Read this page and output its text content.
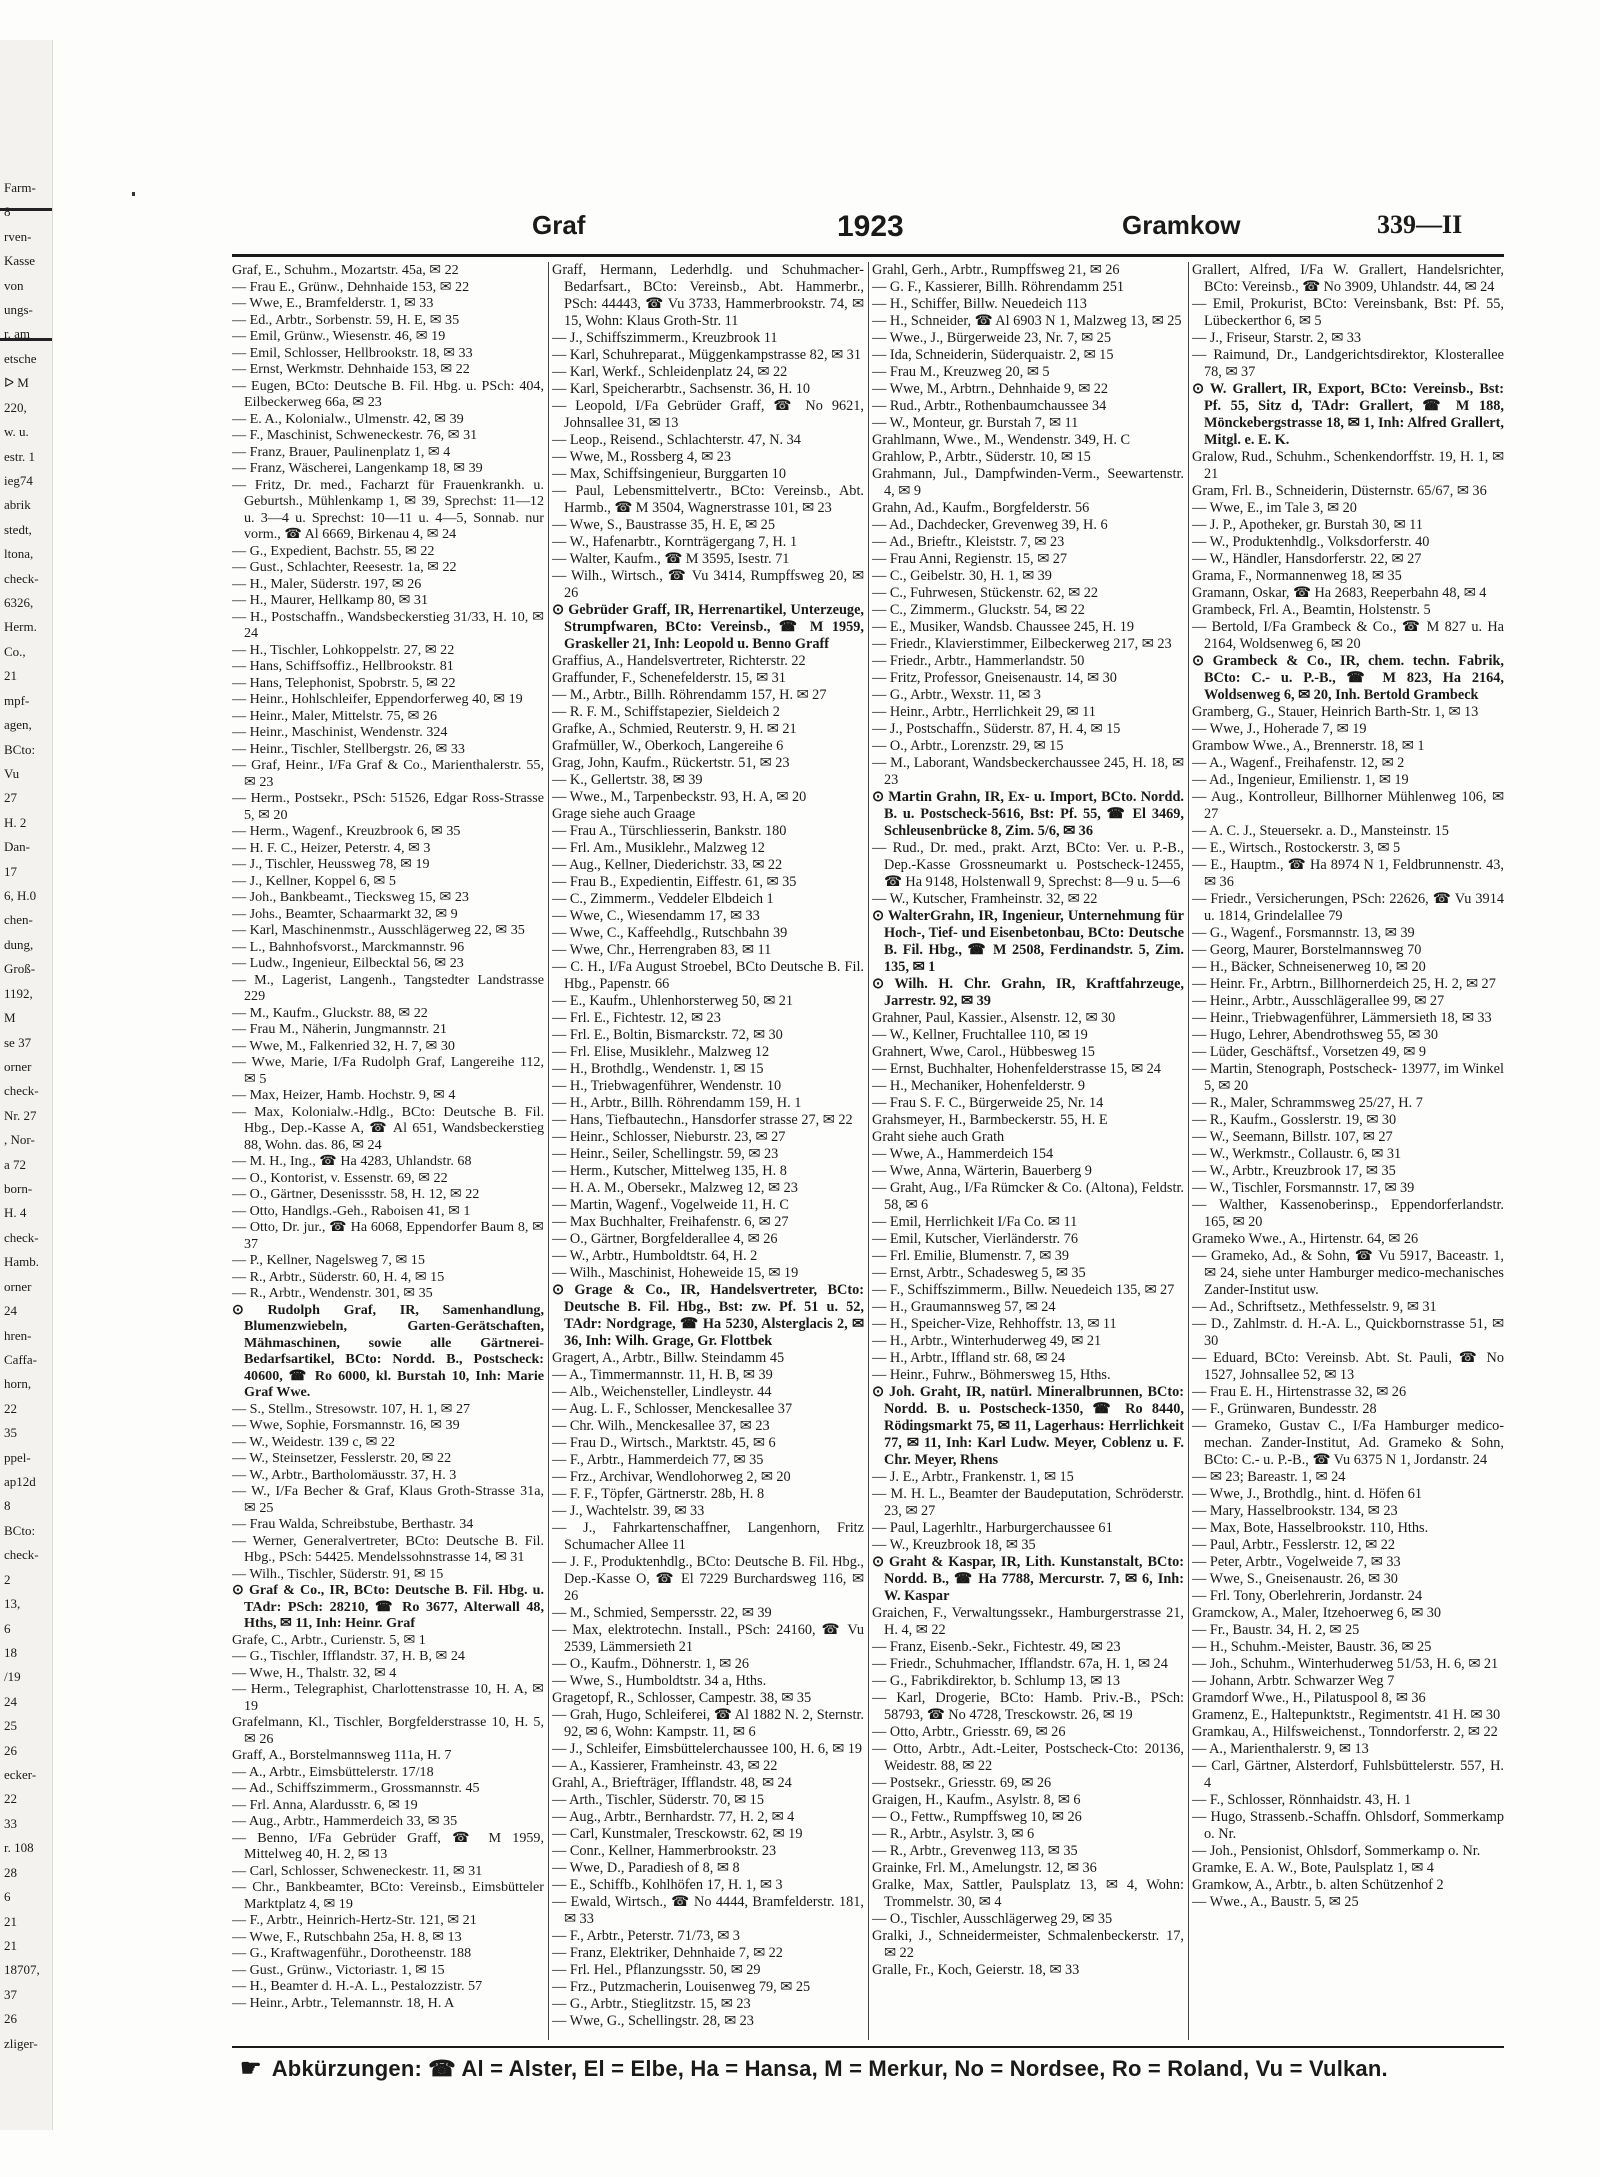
Farm-
8
rven-
Kasse
von
ungs-
r. am
etsche
ᐅ M
220,
w. u.
estr. 1
ieg74
abrik
stedt,
ltona,
check-
6326,
Herm.
Co.,
21
mpf-
agen,
BCto:
Vu
27
H. 2
Dan-
17
6, H.0
chen-
dung,
Groß-
1192,
M
se 37
orner
check-
Nr. 27
, Nor-
a 72
born-
H. 4
check-
Hamb.
orner
24
hren-
Caffa-
horn,
22
35
ppel-
ap12d
8
BCto:
check-
2
13,
6
18
/19
24
25
26
ecker-
22
33
r. 108
28
6
21
21
18707,
37
26
zliger-
Graf	1923	Gramkow	339—II

Graf, E., Schuhm., Mozartstr. 45a, ✉ 22

— Frau E., Grünw., Dehnhaide 153, ✉ 22

— Wwe, E., Bramfelderstr. 1, ✉ 33

— Ed., Arbtr., Sorbenstr. 59, H. E, ✉ 35

— Emil, Grünw., Wiesenstr. 46, ✉ 19

— Emil, Schlosser, Hellbrookstr. 18, ✉ 33

— Ernst, Werkmstr. Dehnhaide 153, ✉ 22

— Eugen, BCto: Deutsche B. Fil. Hbg. u. PSch: 404, Eilbeckerweg 66a, ✉ 23

— E. A., Kolonialw., Ulmenstr. 42, ✉ 39

— F., Maschinist, Schweneckestr. 76, ✉ 31

— Franz, Brauer, Paulinenplatz 1, ✉ 4

— Franz, Wäscherei, Langenkamp 18, ✉ 39

— Fritz, Dr. med., Facharzt für Frauenkrankh. u. Geburtsh., Mühlenkamp 1, ✉ 39, Sprechst: 11—12 u. 3—4 u. Sprechst: 10—11 u. 4—5, Sonnab. nur vorm., ☎ Al 6669, Birkenau 4, ✉ 24

— G., Expedient, Bachstr. 55, ✉ 22

— Gust., Schlachter, Reesestr. 1a, ✉ 22

— H., Maler, Süderstr. 197, ✉ 26

— H., Maurer, Hellkamp 80, ✉ 31

— H., Postschaffn., Wandsbeckerstieg 31/33, H. 10, ✉ 24

— H., Tischler, Lohkoppelstr. 27, ✉ 22

— Hans, Schiffsoffiz., Hellbrookstr. 81

— Hans, Telephonist, Spobrstr. 5, ✉ 22

— Heinr., Hohlschleifer, Eppendorferweg 40, ✉ 19

— Heinr., Maler, Mittelstr. 75, ✉ 26

— Heinr., Maschinist, Wendenstr. 324

— Heinr., Tischler, Stellbergstr. 26, ✉ 33

— Graf, Heinr., I/Fa Graf & Co., Marienthalerstr. 55, ✉ 23

— Herm., Postsekr., PSch: 51526, Edgar Ross-Strasse 5, ✉ 20

— Herm., Wagenf., Kreuzbrook 6, ✉ 35

— H. F. C., Heizer, Peterstr. 4, ✉ 3

— J., Tischler, Heussweg 78, ✉ 19

— J., Kellner, Koppel 6, ✉ 5

— Joh., Bankbeamt., Tiecksweg 15, ✉ 23

— Johs., Beamter, Schaarmarkt 32, ✉ 9

— Karl, Maschinenmstr., Ausschlägerweg 22, ✉ 35

— L., Bahnhofsvorst., Marckmannstr. 96

— Ludw., Ingenieur, Eilbecktal 56, ✉ 23

— M., Lagerist, Langenh., Tangstedter Landstrasse 229

— M., Kaufm., Gluckstr. 88, ✉ 22

— Frau M., Näherin, Jungmannstr. 21

— Wwe, M., Falkenried 32, H. 7, ✉ 30

— Wwe, Marie, I/Fa Rudolph Graf, Langereihe 112, ✉ 5

— Max, Heizer, Hamb. Hochstr. 9, ✉ 4

— Max, Kolonialw.-Hdlg., BCto: Deutsche B. Fil. Hbg., Dep.-Kasse A, ☎ Al 651, Wandsbeckerstieg 88, Wohn. das. 86, ✉ 24

— M. H., Ing., ☎ Ha 4283, Uhlandstr. 68

— O., Kontorist, v. Essenstr. 69, ✉ 22

— O., Gärtner, Desenissstr. 58, H. 12, ✉ 22

— Otto, Handlgs.-Geh., Raboisen 41, ✉ 1

— Otto, Dr. jur., ☎ Ha 6068, Eppendorfer Baum 8, ✉ 37

— P., Kellner, Nagelsweg 7, ✉ 15

— R., Arbtr., Süderstr. 60, H. 4, ✉ 15

— R., Arbtr., Wendenstr. 301, ✉ 35

⊙ Rudolph Graf, IR, Samenhandlung, Blumenzwiebeln, Garten-Gerätschaften, Mähmaschinen, sowie alle Gärtnerei-Bedarfsartikel, BCto: Nordd. B., Postscheck: 40600, ☎ Ro 6000, kl. Burstah 10, Inh: Marie Graf Wwe.

— S., Stellm., Stresowstr. 107, H. 1, ✉ 27

— Wwe, Sophie, Forsmannstr. 16, ✉ 39

— W., Weidestr. 139 c, ✉ 22

— W., Steinsetzer, Fesslerstr. 20, ✉ 22

— W., Arbtr., Bartholomäusstr. 37, H. 3

— W., I/Fa Becher & Graf, Klaus Groth-Strasse 31a, ✉ 25

— Frau Walda, Schreibstube, Berthastr. 34

— Werner, Generalvertreter, BCto: Deutsche B. Fil. Hbg., PSch: 54425. Mendelssohnstrasse 14, ✉ 31

— Wilh., Tischler, Süderstr. 91, ✉ 15

⊙ Graf & Co., IR, BCto: Deutsche B. Fil. Hbg. u. TAdr: PSch: 28210, ☎ Ro 3677, Alterwall 48, Hths, ✉ 11, Inh: Heinr. Graf

Grafe, C., Arbtr., Curienstr. 5, ✉ 1

— G., Tischler, Ifflandstr. 37, H. B, ✉ 24

— Wwe, H., Thalstr. 32, ✉ 4

— Herm., Telegraphist, Charlottenstrasse 10, H. A, ✉ 19

Grafelmann, Kl., Tischler, Borgfelderstrasse 10, H. 5, ✉ 26

Graff, A., Borstelmannsweg 111a, H. 7

— A., Arbtr., Eimsbüttelerstr. 17/18

— Ad., Schiffszimmerm., Grossmannstr. 45

— Frl. Anna, Alardusstr. 6, ✉ 19

— Aug., Arbtr., Hammerdeich 33, ✉ 35

— Benno, I/Fa Gebrüder Graff, ☎ M 1959, Mittelweg 40, H. 2, ✉ 13

— Carl, Schlosser, Schweneckestr. 11, ✉ 31

— Chr., Bankbeamter, BCto: Vereinsb., Eimsbütteler Marktplatz 4, ✉ 19

— F., Arbtr., Heinrich-Hertz-Str. 121, ✉ 21

— Wwe, F., Rutschbahn 25a, H. 8, ✉ 13

— G., Kraftwagenführ., Dorotheenstr. 188

— Gust., Grünw., Victoriastr. 1, ✉ 15

— H., Beamter d. H.-A. L., Pestalozzistr. 57

— Heinr., Arbtr., Telemannstr. 18, H. A

Graff, Hermann, Lederhdlg. und Schuhmacher-Bedarfsart., BCto: Vereinsb., Abt. Hammerbr., PSch: 44443, ☎ Vu 3733, Hammerbrookstr. 74, ✉ 15, Wohn: Klaus Groth-Str. 11

— J., Schiffszimmerm., Kreuzbrook 11

— Karl, Schuhreparat., Müggenkampstrasse 82, ✉ 31

— Karl, Werkf., Schleidenplatz 24, ✉ 22

— Karl, Speicherarbtr., Sachsenstr. 36, H. 10

— Leopold, I/Fa Gebrüder Graff, ☎ No 9621, Johnsallee 31, ✉ 13

— Leop., Reisend., Schlachterstr. 47, N. 34

— Wwe, M., Rossberg 4, ✉ 23

— Max, Schiffsingenieur, Burggarten 10

— Paul, Lebensmittelvertr., BCto: Vereinsb., Abt. Harmb., ☎ M 3504, Wagnerstrasse 101, ✉ 23

— Wwe, S., Baustrasse 35, H. E, ✉ 25

— W., Hafenarbtr., Kornträgergang 7, H. 1

— Walter, Kaufm., ☎ M 3595, Isestr. 71

— Wilh., Wirtsch., ☎ Vu 3414, Rumpffsweg 20, ✉ 26

⊙ Gebrüder Graff, IR, Herrenartikel, Unterzeuge, Strumpfwaren, BCto: Vereinsb., ☎ M 1959, Graskeller 21, Inh: Leopold u. Benno Graff

Graffius, A., Handelsvertreter, Richterstr. 22

Graffunder, F., Schenefelderstr. 15, ✉ 31

— M., Arbtr., Billh. Röhrendamm 157, H. ✉ 27

— R. F. M., Schiffstapezier, Sieldeich 2

Grafke, A., Schmied, Reuterstr. 9, H. ✉ 21

Grafmüller, W., Oberkoch, Langereihe 6

Grag, John, Kaufm., Rückertstr. 51, ✉ 23

— K., Gellertstr. 38, ✉ 39

— Wwe., M., Tarpenbeckstr. 93, H. A, ✉ 20

Grage siehe auch Graage

— Frau A., Türschliesserin, Bankstr. 180

— Frl. Am., Musiklehr., Malzweg 12

— Aug., Kellner, Diederichstr. 33, ✉ 22

— Frau B., Expedientin, Eiffestr. 61, ✉ 35

— C., Zimmerm., Veddeler Elbdeich 1

— Wwe, C., Wiesendamm 17, ✉ 33

— Wwe, C., Kaffeehdlg., Rutschbahn 39

— Wwe, Chr., Herrengraben 83, ✉ 11

— C. H., I/Fa August Stroebel, BCto Deutsche B. Fil. Hbg., Papenstr. 66

— E., Kaufm., Uhlenhorsterweg 50, ✉ 21

— Frl. E., Fichtestr. 12, ✉ 23

— Frl. E., Boltin, Bismarckstr. 72, ✉ 30

— Frl. Elise, Musiklehr., Malzweg 12

— H., Brothdlg., Wendenstr. 1, ✉ 15

— H., Triebwagenführer, Wendenstr. 10

— H., Arbtr., Billh. Röhrendamm 159, H. 1

— Hans, Tiefbautechn., Hansdorfer strasse 27, ✉ 22

— Heinr., Schlosser, Nieburstr. 23, ✉ 27

— Heinr., Seiler, Schellingstr. 59, ✉ 23

— Herm., Kutscher, Mittelweg 135, H. 8

— H. A. M., Obersekr., Malzweg 12, ✉ 23

— Martin, Wagenf., Vogelweide 11, H. C

— Max Buchhalter, Freihafenstr. 6, ✉ 27

— O., Gärtner, Borgfelderallee 4, ✉ 26

— W., Arbtr., Humboldtstr. 64, H. 2

— Wilh., Maschinist, Hoheweide 15, ✉ 19

⊙ Grage & Co., IR, Handelsvertreter, BCto: Deutsche B. Fil. Hbg., Bst: zw. Pf. 51 u. 52, TAdr: Nordgrage, ☎ Ha 5230, Alsterglacis 2, ✉ 36, Inh: Wilh. Grage, Gr. Flottbek

Gragert, A., Arbtr., Billw. Steindamm 45

— A., Timmermannstr. 11, H. B, ✉ 39

— Alb., Weichensteller, Lindleystr. 44

— Aug. L. F., Schlosser, Menckesallee 37

— Chr. Wilh., Menckesallee 37, ✉ 23

— Frau D., Wirtsch., Marktstr. 45, ✉ 6

— F., Arbtr., Hammerdeich 77, ✉ 35

— Frz., Archivar, Wendlohorweg 2, ✉ 20

— F. F., Töpfer, Gärtnerstr. 28b, H. 8

— J., Wachtelstr. 39, ✉ 33

— J., Fahrkartenschaffner, Langenhorn, Fritz Schumacher Allee 11

— J. F., Produktenhdlg., BCto: Deutsche B. Fil. Hbg., Dep.-Kasse O, ☎ El 7229 Burchardsweg 116, ✉ 26

— M., Schmied, Sempersstr. 22, ✉ 39

— Max, elektrotechn. Install., PSch: 24160, ☎ Vu 2539, Lämmersieth 21

— O., Kaufm., Döhnerstr. 1, ✉ 26

— Wwe, S., Humboldtstr. 34 a, Hths.

Gragetopf, R., Schlosser, Campestr. 38, ✉ 35

— Grah, Hugo, Schleiferei, ☎ Al 1882 N. 2, Sternstr. 92, ✉ 6, Wohn: Kampstr. 11, ✉ 6

— J., Schleifer, Eimsbüttelerchaussee 100, H. 6, ✉ 19

— A., Kassierer, Framheinstr. 43, ✉ 22

Grahl, A., Briefträger, Ifflandstr. 48, ✉ 24

— Arth., Tischler, Süderstr. 70, ✉ 15

— Aug., Arbtr., Bernhardstr. 77, H. 2, ✉ 4

— Carl, Kunstmaler, Tresckowstr. 62, ✉ 19

— Conr., Kellner, Hammerbrookstr. 23

— Wwe, D., Paradiesh of 8, ✉ 8

— E., Schiffb., Kohlhöfen 17, H. 1, ✉ 3

— Ewald, Wirtsch., ☎ No 4444, Bramfelderstr. 181, ✉ 33

— F., Arbtr., Peterstr. 71/73, ✉ 3

— Franz, Elektriker, Dehnhaide 7, ✉ 22

— Frl. Hel., Pflanzungsstr. 50, ✉ 29

— Frz., Putzmacherin, Louisenweg 79, ✉ 25

— G., Arbtr., Stieglitzstr. 15, ✉ 23

— Wwe, G., Schellingstr. 28, ✉ 23

Grahl, Gerh., Arbtr., Rumpffsweg 21, ✉ 26

— G. F., Kassierer, Billh. Röhrendamm 251

— H., Schiffer, Billw. Neuedeich 113

— H., Schneider, ☎ Al 6903 N 1, Malzweg 13, ✉ 25

— Wwe., J., Bürgerweide 23, Nr. 7, ✉ 25

— Ida, Schneiderin, Süderquaistr. 2, ✉ 15

— Frau M., Kreuzweg 20, ✉ 5

— Wwe, M., Arbtrn., Dehnhaide 9, ✉ 22

— Rud., Arbtr., Rothenbaumchaussee 34

— W., Monteur, gr. Burstah 7, ✉ 11

Grahlmann, Wwe., M., Wendenstr. 349, H. C

Grahlow, P., Arbtr., Süderstr. 10, ✉ 15

Grahmann, Jul., Dampfwinden-Verm., Seewartenstr. 4, ✉ 9

Grahn, Ad., Kaufm., Borgfelderstr. 56

— Ad., Dachdecker, Grevenweg 39, H. 6

— Ad., Brieftr., Kleiststr. 7, ✉ 23

— Frau Anni, Regienstr. 15, ✉ 27

— C., Geibelstr. 30, H. 1, ✉ 39

— C., Fuhrwesen, Stückenstr. 62, ✉ 22

— C., Zimmerm., Gluckstr. 54, ✉ 22

— E., Musiker, Wandsb. Chaussee 245, H. 19

— Friedr., Klavierstimmer, Eilbeckerweg 217, ✉ 23

— Friedr., Arbtr., Hammerlandstr. 50

— Fritz, Professor, Gneisenaustr. 14, ✉ 30

— G., Arbtr., Wexstr. 11, ✉ 3

— Heinr., Arbtr., Herrlichkeit 29, ✉ 11

— J., Postschaffn., Süderstr. 87, H. 4, ✉ 15

— O., Arbtr., Lorenzstr. 29, ✉ 15

— M., Laborant, Wandsbeckerchaussee 245, H. 18, ✉ 23

⊙ Martin Grahn, IR, Ex- u. Import, BCto. Nordd. B. u. Postscheck-5616, Bst: Pf. 55, ☎ El 3469, Schleusenbrücke 8, Zim. 5/6, ✉ 36

— Rud., Dr. med., prakt. Arzt, BCto: Ver. u. P.-B., Dep.-Kasse Grossneumarkt u. Postscheck-12455, ☎ Ha 9148, Holstenwall 9, Sprechst: 8—9 u. 5—6

— W., Kutscher, Framheinstr. 32, ✉ 22

⊙ WalterGrahn, IR, Ingenieur, Unternehmung für Hoch-, Tief- und Eisenbetonbau, BCto: Deutsche B. Fil. Hbg., ☎ M 2508, Ferdinandstr. 5, Zim. 135, ✉ 1

⊙ Wilh. H. Chr. Grahn, IR, Kraftfahrzeuge, Jarrestr. 92, ✉ 39

Grahner, Paul, Kassier., Alsenstr. 12, ✉ 30

— W., Kellner, Fruchtallee 110, ✉ 19

Grahnert, Wwe, Carol., Hübbesweg 15

— Ernst, Buchhalter, Hohenfelderstrasse 15, ✉ 24

— H., Mechaniker, Hohenfelderstr. 9

— Frau S. F. C., Bürgerweide 25, Nr. 14

Grahsmeyer, H., Barmbeckerstr. 55, H. E

Graht siehe auch Grath

— Wwe, A., Hammerdeich 154

— Wwe, Anna, Wärterin, Bauerberg 9

— Graht, Aug., I/Fa Rümcker & Co. (Altona), Feldstr. 58, ✉ 6

— Emil, Herrlichkeit I/Fa Co. ✉ 11

— Emil, Kutscher, Vierländerstr. 76

— Frl. Emilie, Blumenstr. 7, ✉ 39

— Ernst, Arbtr., Schadesweg 5, ✉ 35

— F., Schiffszimmerm., Billw. Neuedeich 135, ✉ 27

— H., Graumannsweg 57, ✉ 24

— H., Speicher-Vize, Rehhoffstr. 13, ✉ 11

— H., Arbtr., Winterhuderweg 49, ✉ 21

— H., Arbtr., Iffland str. 68, ✉ 24

— Heinr., Fuhrw., Böhmersweg 15, Hths.

⊙ Joh. Graht, IR, natürl. Mineralbrunnen, BCto: Nordd. B. u. Postscheck-1350, ☎ Ro 8440, Rödingsmarkt 75, ✉ 11, Lagerhaus: Herrlichkeit 77, ✉ 11, Inh: Karl Ludw. Meyer, Coblenz u. F. Chr. Meyer, Rhens

— J. E., Arbtr., Frankenstr. 1, ✉ 15

— M. H. L., Beamter der Baudeputation, Schröderstr. 23, ✉ 27

— Paul, Lagerhltr., Harburgerchaussee 61

— W., Kreuzbrook 18, ✉ 35

⊙ Graht & Kaspar, IR, Lith. Kunstanstalt, BCto: Nordd. B., ☎ Ha 7788, Mercurstr. 7, ✉ 6, Inh: W. Kaspar

Graichen, F., Verwaltungssekr., Hamburgerstrasse 21, H. 4, ✉ 22

— Franz, Eisenb.-Sekr., Fichtestr. 49, ✉ 23

— Friedr., Schuhmacher, Ifflandstr. 67a, H. 1, ✉ 24

— G., Fabrikdirektor, b. Schlump 13, ✉ 13

— Karl, Drogerie, BCto: Hamb. Priv.-B., PSch: 58793, ☎ No 4728, Tresckowstr. 26, ✉ 19

— Otto, Arbtr., Griesstr. 69, ✉ 26

— Otto, Arbtr., Adt.-Leiter, Postscheck-Cto: 20136, Weidestr. 88, ✉ 22

— Postsekr., Griesstr. 69, ✉ 26

Graigen, H., Kaufm., Asylstr. 8, ✉ 6

— O., Fettw., Rumpffsweg 10, ✉ 26

— R., Arbtr., Asylstr. 3, ✉ 6

— R., Arbtr., Grevenweg 113, ✉ 35

Grainke, Frl. M., Amelungstr. 12, ✉ 36

Gralke, Max, Sattler, Paulsplatz 13, ✉ 4, Wohn: Trommelstr. 30, ✉ 4

— O., Tischler, Ausschlägerweg 29, ✉ 35

Gralki, J., Schneidermeister, Schmalenbeckerstr. 17, ✉ 22

Gralle, Fr., Koch, Geierstr. 18, ✉ 33

Grallert, Alfred, I/Fa W. Grallert, Handelsrichter, BCto: Vereinsb., ☎ No 3909, Uhlandstr. 44, ✉ 24

— Emil, Prokurist, BCto: Vereinsbank, Bst: Pf. 55, Lübeckerthor 6, ✉ 5

— J., Friseur, Starstr. 2, ✉ 33

— Raimund, Dr., Landgerichtsdirektor, Klosterallee 78, ✉ 37

⊙ W. Grallert, IR, Export, BCto: Vereinsb., Bst: Pf. 55, Sitz d, TAdr: Grallert, ☎ M 188, Mönckebergstrasse 18, ✉ 1, Inh: Alfred Grallert, Mitgl. e. E. K.

Gralow, Rud., Schuhm., Schenkendorffstr. 19, H. 1, ✉ 21

Gram, Frl. B., Schneiderin, Düsternstr. 65/67, ✉ 36

— Wwe, E., im Tale 3, ✉ 20

— J. P., Apotheker, gr. Burstah 30, ✉ 11

— W., Produktenhdlg., Volksdorferstr. 40

— W., Händler, Hansdorferstr. 22, ✉ 27

Grama, F., Normannenweg 18, ✉ 35

Gramann, Oskar, ☎ Ha 2683, Reeperbahn 48, ✉ 4

Grambeck, Frl. A., Beamtin, Holstenstr. 5

— Bertold, I/Fa Grambeck & Co., ☎ M 827 u. Ha 2164, Woldsenweg 6, ✉ 20

⊙ Grambeck & Co., IR, chem. techn. Fabrik, BCto: C.- u. P.-B., ☎ M 823, Ha 2164, Woldsenweg 6, ✉ 20, Inh. Bertold Grambeck

Gramberg, G., Stauer, Heinrich Barth-Str. 1, ✉ 13

— Wwe, J., Hoherade 7, ✉ 19

Grambow Wwe., A., Brennerstr. 18, ✉ 1

— A., Wagenf., Freihafenstr. 12, ✉ 2

— Ad., Ingenieur, Emilienstr. 1, ✉ 19

— Aug., Kontrolleur, Billhorner Mühlenweg 106, ✉ 27

— A. C. J., Steuersekr. a. D., Mansteinstr. 15

— E., Wirtsch., Rostockerstr. 3, ✉ 5

— E., Hauptm., ☎ Ha 8974 N 1, Feldbrunnenstr. 43, ✉ 36

— Friedr., Versicherungen, PSch: 22626, ☎ Vu 3914 u. 1814, Grindelallee 79

— G., Wagenf., Forsmannstr. 13, ✉ 39

— Georg, Maurer, Borstelmannsweg 70

— H., Bäcker, Schneisenerweg 10, ✉ 20

— Heinr. Fr., Arbtrn., Billhornerdeich 25, H. 2, ✉ 27

— Heinr., Arbtr., Ausschlägerallee 99, ✉ 27

— Heinr., Triebwagenführer, Lämmersieth 18, ✉ 33

— Hugo, Lehrer, Abendrothsweg 55, ✉ 30

— Lüder, Geschäftsf., Vorsetzen 49, ✉ 9

— Martin, Stenograph, Postscheck- 13977, im Winkel 5, ✉ 20

— R., Maler, Schrammsweg 25/27, H. 7

— R., Kaufm., Gosslerstr. 19, ✉ 30

— W., Seemann, Billstr. 107, ✉ 27

— W., Werkmstr., Collaustr. 6, ✉ 31

— W., Arbtr., Kreuzbrook 17, ✉ 35

— W., Tischler, Forsmannstr. 17, ✉ 39

— Walther, Kassenoberinsp., Eppendorferlandstr. 165, ✉ 20

Grameko Wwe., A., Hirtenstr. 64, ✉ 26

— Grameko, Ad., & Sohn, ☎ Vu 5917, Baceastr. 1, ✉ 24, siehe unter Hamburger medico-mechanisches Zander-Institut usw.

— Ad., Schriftsetz., Methfesselstr. 9, ✉ 31

— D., Zahlmstr. d. H.-A. L., Quickbornstrasse 51, ✉ 30

— Eduard, BCto: Vereinsb. Abt. St. Pauli, ☎ No 1527, Johnsallee 52, ✉ 13

— Frau E. H., Hirtenstrasse 32, ✉ 26

— F., Grünwaren, Bundesstr. 28

— Grameko, Gustav C., I/Fa Hamburger medico-mechan. Zander-Institut, Ad. Grameko & Sohn, BCto: C.- u. P.-B., ☎ Vu 6375 N 1, Jordanstr. 24

— ✉ 23; Bareastr. 1, ✉ 24

— Wwe, J., Brothdlg., hint. d. Höfen 61

— Mary, Hasselbrookstr. 134, ✉ 23

— Max, Bote, Hasselbrookstr. 110, Hths.

— Paul, Arbtr., Fesslerstr. 12, ✉ 22

— Peter, Arbtr., Vogelweide 7, ✉ 33

— Wwe, S., Gneisenaustr. 26, ✉ 30

— Frl. Tony, Oberlehrerin, Jordanstr. 24

Gramckow, A., Maler, Itzehoerweg 6, ✉ 30

— Fr., Baustr. 34, H. 2, ✉ 25

— H., Schuhm.-Meister, Baustr. 36, ✉ 25

— Joh., Schuhm., Winterhuderweg 51/53, H. 6, ✉ 21

— Johann, Arbtr. Schwarzer Weg 7

Gramdorf Wwe., H., Pilatuspool 8, ✉ 36

Gramenz, E., Haltepunktstr., Regimentstr. 41 H. ✉ 30

Gramkau, A., Hilfsweichenst., Tonndorferstr. 2, ✉ 22

— A., Marienthalerstr. 9, ✉ 13

— Carl, Gärtner, Alsterdorf, Fuhlsbüttelerstr. 557, H. 4

— F., Schlosser, Rönnhaidstr. 43, H. 1

— Hugo, Strassenb.-Schaffn. Ohlsdorf, Sommerkamp o. Nr.

— Joh., Pensionist, Ohlsdorf, Sommerkamp o. Nr.

Gramke, E. A. W., Bote, Paulsplatz 1, ✉ 4

Gramkow, A., Arbtr., b. alten Schützenhof 2

— Wwe., A., Baustr. 5, ✉ 25

☛ Abkürzungen: ☎ Al = Alster, El = Elbe, Ha = Hansa, M = Merkur, No = Nordsee, Ro = Roland, Vu = Vulkan.
